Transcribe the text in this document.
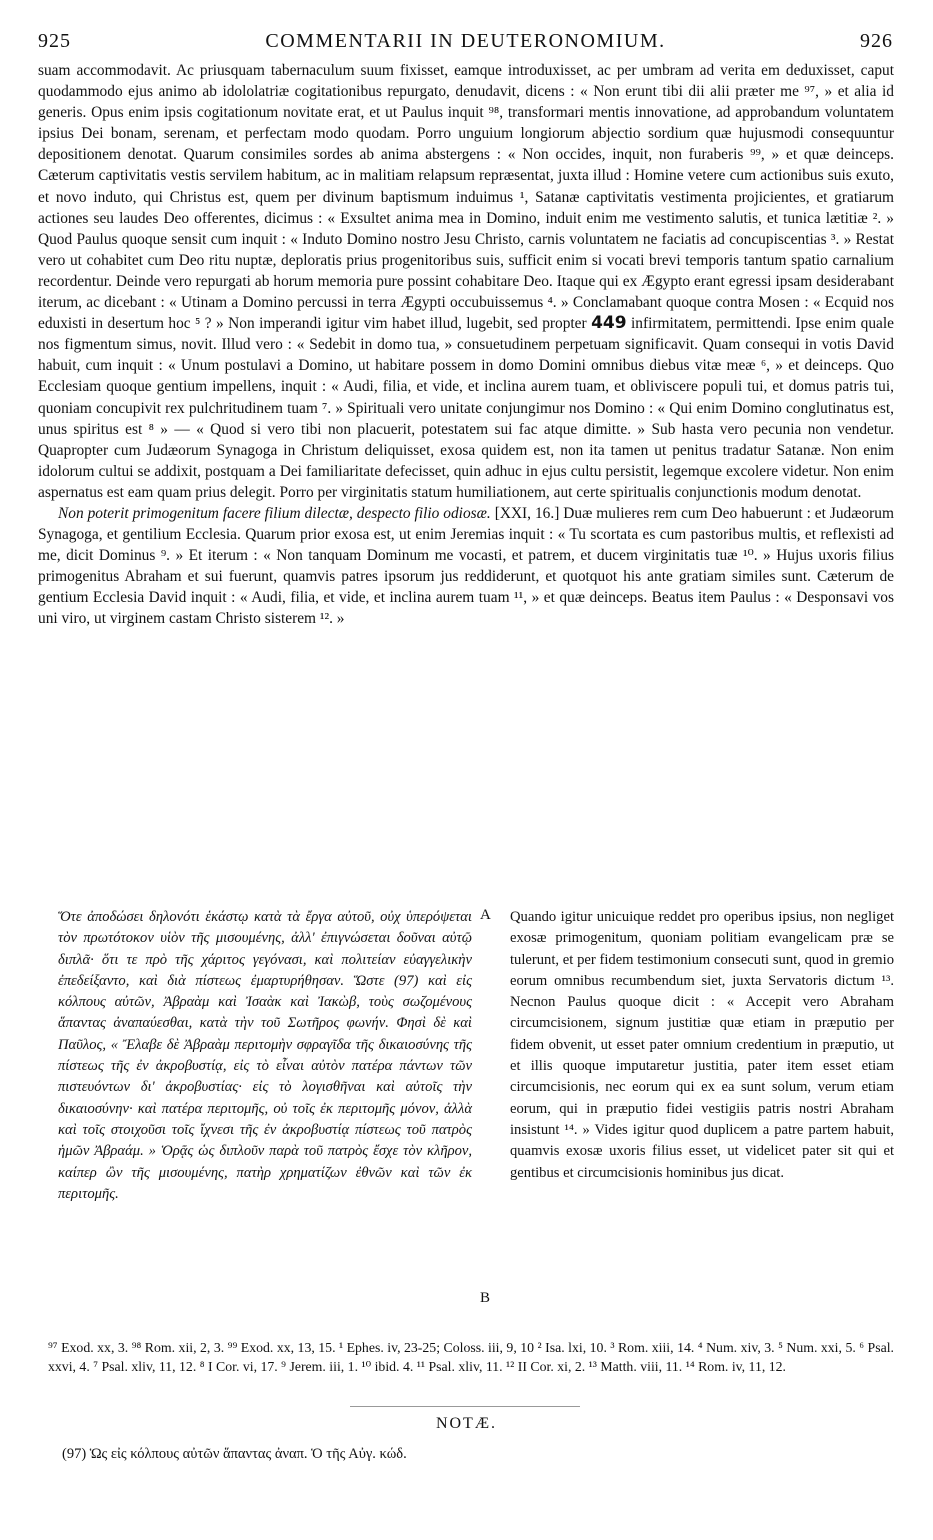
925	COMMENTARII IN DEUTERONOMIUM.	926

suam accommodavit. Ac priusquam tabernaculum suum fixisset, eamque introduxisset, ac per umbram ad verita em deduxisset, caput quodammodo ejus animo ab idololatriæ cogitationibus repurgato, denudavit, dicens : « Non erunt tibi dii alii præter me ⁹⁷, » et alia id generis. Opus enim ipsis cogitationum novitate erat, et ut Paulus inquit ⁹⁸, transformari mentis innovatione, ad approbandum voluntatem ipsius Dei bonam, serenam, et perfectam modo quodam. Porro unguium longiorum abjectio sordium quæ hujusmodi consequuntur depositionem denotat. Quarum consimiles sordes ab anima abstergens : « Non occides, inquit, non furaberis ⁹⁹, » et quæ deinceps. Cæterum captivitatis vestis servilem habitum, ac in malitiam relapsum repræsentat, juxta illud : Homine vetere cum actionibus suis exuto, et novo induto, qui Christus est, quem per divinum baptismum induimus ¹, Satanæ captivitatis vestimenta projicientes, et gratiarum actiones seu laudes Deo offerentes, dicimus : « Exsultet anima mea in Domino, induit enim me vestimento salutis, et tunica lætitiæ ². » Quod Paulus quoque sensit cum inquit : « Induto Domino nostro Jesu Christo, carnis voluntatem ne faciatis ad concupiscentias ³. » Restat vero ut cohabitet cum Deo ritu nuptæ, deploratis prius progenitoribus suis, sufficit enim si vocati brevi temporis tantum spatio carnalium recordentur. Deinde vero repurgati ab horum memoria pure possint cohabitare Deo. Itaque qui ex Ægypto erant egressi ipsam desiderabant iterum, ac dicebant : « Utinam a Domino percussi in terra Ægypti occubuissemus ⁴. » Conclamabant quoque contra Mosen : « Ecquid nos eduxisti in desertum hoc ⁵ ? » Non imperandi igitur vim habet illud, lugebit, sed propter 449 infirmitatem, permittendi. Ipse enim quale nos figmentum simus, novit. Illud vero : « Sedebit in domo tua, » consuetudinem perpetuam significavit. Quam consequi in votis David habuit, cum inquit : « Unum postulavi a Domino, ut habitare possem in domo Domini omnibus diebus vitæ meæ ⁶, » et deinceps. Quo Ecclesiam quoque gentium impellens, inquit : « Audi, filia, et vide, et inclina aurem tuam, et obliviscere populi tui, et domus patris tui, quoniam concupivit rex pulchritudinem tuam ⁷. » Spirituali vero unitate conjungimur nos Domino : « Qui enim Domino conglutinatus est, unus spiritus est ⁸ » — « Quod si vero tibi non placuerit, potestatem sui fac atque dimitte. » Sub hasta vero pecunia non vendetur. Quapropter cum Judæorum Synagoga in Christum deliquisset, exosa quidem est, non ita tamen ut penitus tradatur Satanæ. Non enim idolorum cultui se addixit, postquam a Dei familiaritate defecisset, quin adhuc in ejus cultu persistit, legemque excolere videtur. Non enim aspernatus est eam quam prius delegit. Porro per virginitatis statum humiliationem, aut certe spiritualis conjunctionis modum denotat.

Non poterit primogenitum facere filium dilectæ, despecto filio odiosæ. [XXI, 16.] Duæ mulieres rem cum Deo habuerunt : et Judæorum Synagoga, et gentilium Ecclesia. Quarum prior exosa est, ut enim Jeremias inquit : « Tu scortata es cum pastoribus multis, et reflexisti ad me, dicit Dominus ⁹. » Et iterum : « Non tanquam Dominum me vocasti, et patrem, et ducem virginitatis tuæ ¹⁰. » Hujus uxoris filius primogenitus Abraham et sui fuerunt, quamvis patres ipsorum jus reddiderunt, et quotquot his ante gratiam similes sunt. Cæterum de gentium Ecclesia David inquit : « Audi, filia, et vide, et inclina aurem tuam ¹¹, » et quæ deinceps. Beatus item Paulus : « Desponsavi vos uni viro, ut virginem castam Christo sisterem ¹². »

Ὅτε ἀποδώσει δηλονότι ἑκάστῳ κατὰ τὰ ἔργα αὐτοῦ, οὐχ ὑπερόψεται τὸν πρωτότοκον υἱὸν τῆς μισουμένης, ἀλλ' ἐπιγνώσεται δοῦναι αὐτῷ διπλᾶ· ὅτι τε πρὸ τῆς χάριτος γεγόνασι, καὶ πολιτείαν εὐαγγελικὴν ἐπεδείξαντο, καὶ διὰ πίστεως ἐμαρτυρήθησαν. Ὥστε (97) καὶ εἰς κόλπους αὐτῶν, Ἀβραὰμ καὶ Ἰσαὰκ καὶ Ἰακὼβ, τοὺς σωζομένους ἅπαντας ἀναπαύεσθαι, κατὰ τὴν τοῦ Σωτῆρος φωνήν. Φησὶ δὲ καὶ Παῦλος, « Ἔλαβε δὲ Ἀβραὰμ περιτομὴν σφραγῖδα τῆς δικαιοσύνης τῆς πίστεως τῆς ἐν ἀκροβυστίᾳ, εἰς τὸ εἶναι αὐτὸν πατέρα πάντων τῶν πιστευόντων δι' ἀκροβυστίας· εἰς τὸ λογισθῆναι καὶ αὐτοῖς τὴν δικαιοσύνην· καὶ πατέρα περιτομῆς, οὐ τοῖς ἐκ περιτομῆς μόνον, ἀλλὰ καὶ τοῖς στοιχοῦσι τοῖς ἴχνεσι τῆς ἐν ἀκροβυστίᾳ πίστεως τοῦ πατρὸς ἡμῶν Ἀβραάμ. » Ὁρᾷς ὡς διπλοῦν παρὰ τοῦ πατρὸς ἔσχε τὸν κλῆρον, καίπερ ὢν τῆς μισουμένης, πατὴρ χρηματίζων ἐθνῶν καὶ τῶν ἐκ περιτομῆς.
A
B
Quando igitur unicuique reddet pro operibus ipsius, non negliget exosæ primogenitum, quoniam politiam evangelicam præ se tulerunt, et per fidem testimonium consecuti sunt, quod in gremio eorum omnibus recumbendum siet, juxta Servatoris dictum ¹³. Necnon Paulus quoque dicit : « Accepit vero Abraham circumcisionem, signum justitiæ quæ etiam in præputio per fidem obvenit, ut esset pater omnium credentium in præputio, ut et illis quoque imputaretur justitia, pater item esset etiam circumcisionis, nec eorum qui ex ea sunt solum, verum etiam eorum, qui in præputio fidei vestigiis patris nostri Abraham insistunt ¹⁴. » Vides igitur quod duplicem a patre partem habuit, quamvis exosæ uxoris filius esset, ut videlicet pater sit qui et gentibus et circumcisionis hominibus jus dicat.
⁹⁷ Exod. xx, 3. ⁹⁸ Rom. xii, 2, 3. ⁹⁹ Exod. xx, 13, 15. ¹ Ephes. iv, 23-25; Coloss. iii, 9, 10 ² Isa. lxi, 10. ³ Rom. xiii, 14. ⁴ Num. xiv, 3. ⁵ Num. xxi, 5. ⁶ Psal. xxvi, 4. ⁷ Psal. xliv, 11, 12. ⁸ I Cor. vi, 17. ⁹ Jerem. iii, 1. ¹⁰ ibid. 4. ¹¹ Psal. xliv, 11. ¹² II Cor. xi, 2. ¹³ Matth. viii, 11. ¹⁴ Rom. iv, 11, 12.
NOTÆ.
(97) Ὡς εἰς κόλπους αὐτῶν ἅπαντας ἀναπ. Ὁ τῆς Αὐγ. κώδ.
